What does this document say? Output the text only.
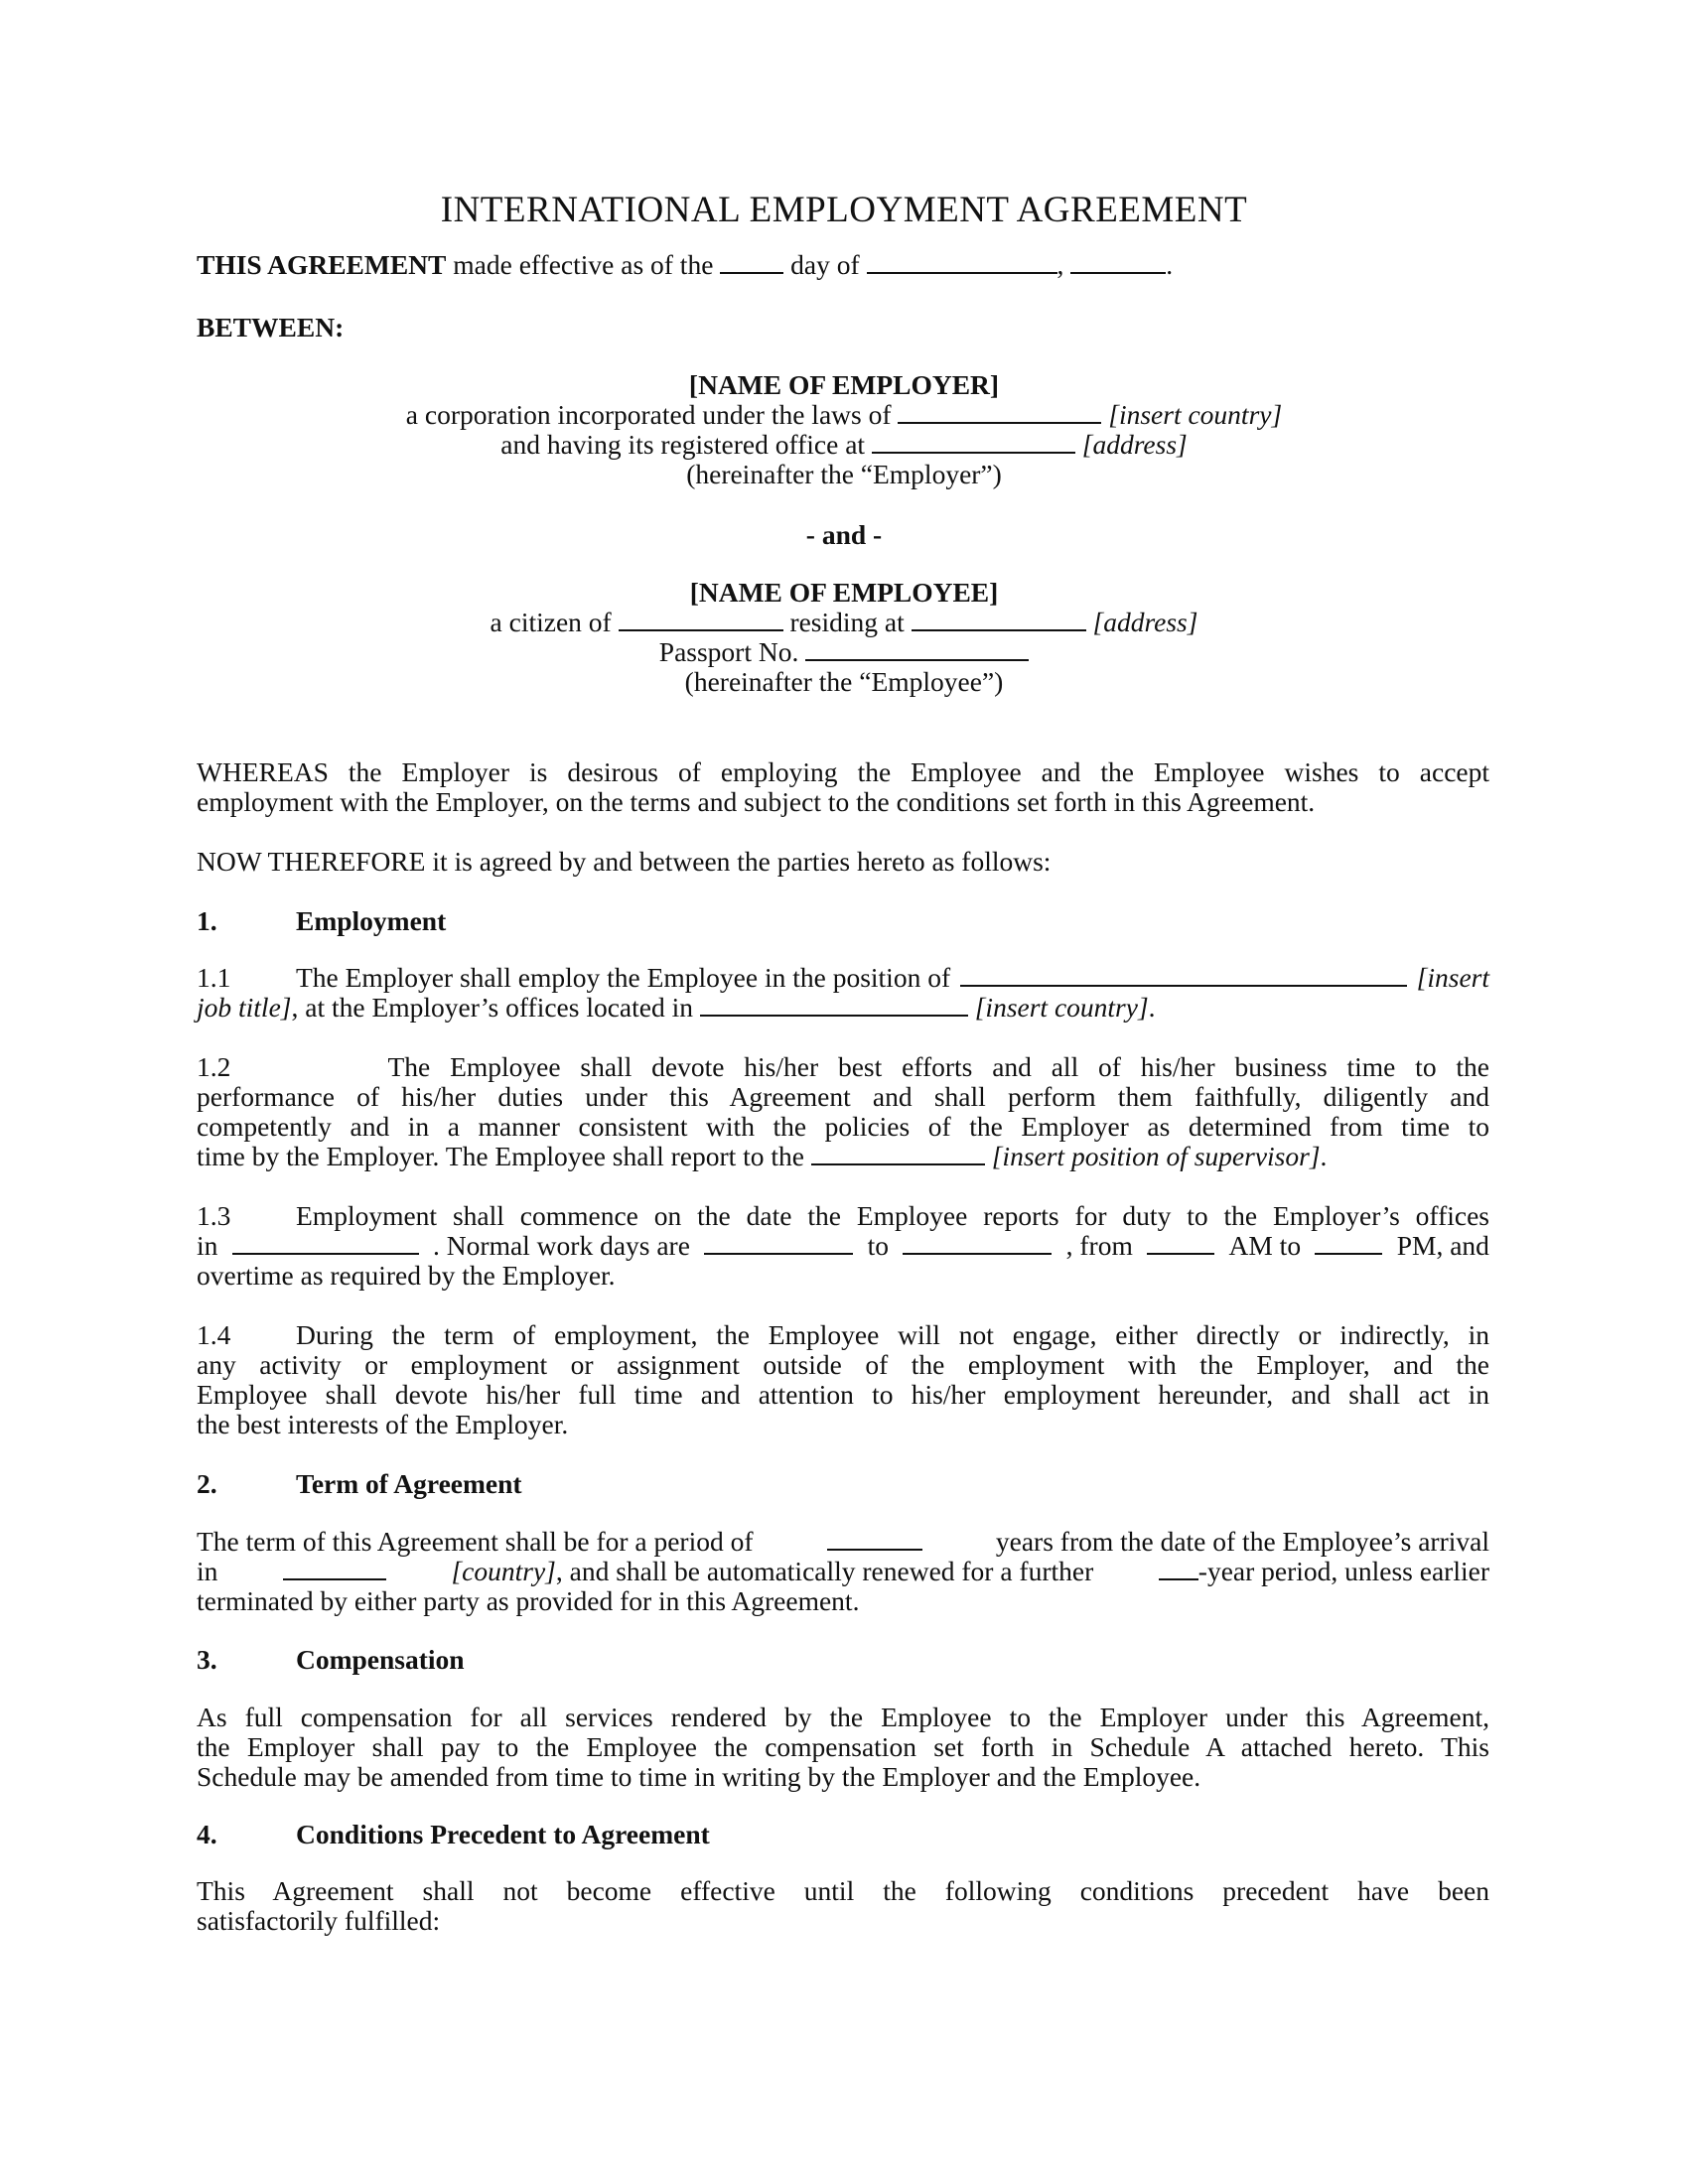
INTERNATIONAL EMPLOYMENT AGREEMENT
THIS AGREEMENT made effective as of the	day of	,	.
BETWEEN:
[NAME OF EMPLOYER]
a corporation incorporated under the laws of	[insert country]
and having its registered office at	[address]
(hereinafter the “Employer”)
- and -
[NAME OF EMPLOYEE]
a citizen of	residing at	[address]
Passport No.
(hereinafter the “Employee”)
WHEREAS the Employer is desirous of employing the Employee and the Employee wishes to accept
employment with the Employer, on the terms and subject to the conditions set forth in this Agreement.
NOW THEREFORE it is agreed by and between the parties hereto as follows:
1.	Employment
1.1	The Employer shall employ the Employee in the position of	[insert
job title], at the Employer’s offices located in	[insert country].
1.2	The Employee shall devote his/her best efforts and all of his/her business time to the
performance of his/her duties under this Agreement and shall perform them faithfully, diligently and
competently and in a manner consistent with the policies of the Employer as determined from time to
time by the Employer. The Employee shall report to the	[insert position of supervisor].
1.3	Employment shall commence on the date the Employee reports for duty to the Employer’s offices
in	. Normal work days are	to	, from	AM to	PM, and
overtime as required by the Employer.
1.4	During the term of employment, the Employee will not engage, either directly or indirectly, in
any activity or employment or assignment outside of the employment with the Employer, and the
Employee shall devote his/her full time and attention to his/her employment hereunder, and shall act in
the best interests of the Employer.
2.	Term of Agreement
The term of this Agreement shall be for a period of	years from the date of the Employee’s arrival
in	[country], and shall be automatically renewed for a further	-year period, unless earlier
terminated by either party as provided for in this Agreement.
3.	Compensation
As full compensation for all services rendered by the Employee to the Employer under this Agreement,
the Employer shall pay to the Employee the compensation set forth in Schedule A attached hereto. This
Schedule may be amended from time to time in writing by the Employer and the Employee.
4.	Conditions Precedent to Agreement
This Agreement shall not become effective until the following conditions precedent have been
satisfactorily fulfilled:
